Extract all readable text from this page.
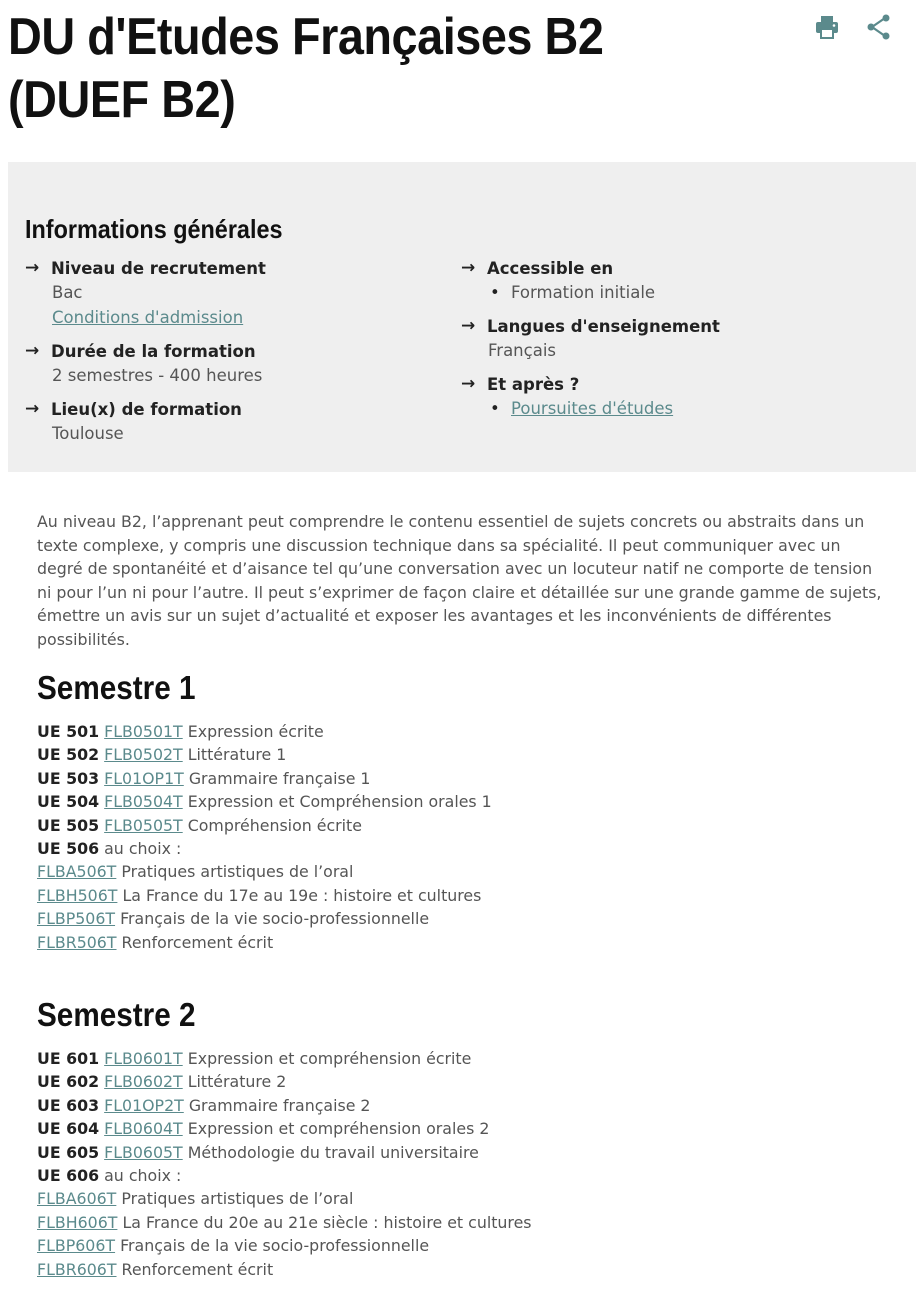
DU d'Etudes Françaises B2 (DUEF B2)
Informations générales
→ Niveau de recrutement
Bac
Conditions d'admission
→ Durée de la formation
2 semestres - 400 heures
→ Lieu(x) de formation
Toulouse
→ Accessible en
• Formation initiale
→ Langues d'enseignement
Français
→ Et après ?
• Poursuites d'études

Au niveau B2, l’apprenant peut comprendre le contenu essentiel de sujets concrets ou abstraits dans un texte complexe, y compris une discussion technique dans sa spécialité. Il peut communiquer avec un degré de spontanéité et d’aisance tel qu’une conversation avec un locuteur natif ne comporte de tension ni pour l’un ni pour l’autre. Il peut s’exprimer de façon claire et détaillée sur une grande gamme de sujets, émettre un avis sur un sujet d’actualité et exposer les avantages et les inconvénients de différentes possibilités.

Semestre 1
UE 501 FLB0501T Expression écrite
UE 502 FLB0502T Littérature 1
UE 503 FL01OP1T Grammaire française 1
UE 504 FLB0504T Expression et Compréhension orales 1
UE 505 FLB0505T Compréhension écrite
UE 506 au choix :
FLBA506T Pratiques artistiques de l’oral
FLBH506T La France du 17e au 19e : histoire et cultures
FLBP506T Français de la vie socio-professionnelle
FLBR506T Renforcement écrit
Semestre 2
UE 601 FLB0601T Expression et compréhension écrite
UE 602 FLB0602T Littérature 2
UE 603 FL01OP2T Grammaire française 2
UE 604 FLB0604T Expression et compréhension orales 2
UE 605 FLB0605T Méthodologie du travail universitaire
UE 606 au choix :
FLBA606T Pratiques artistiques de l’oral
FLBH606T La France du 20e au 21e siècle : histoire et cultures
FLBP606T Français de la vie socio-professionnelle
FLBR606T Renforcement écrit
